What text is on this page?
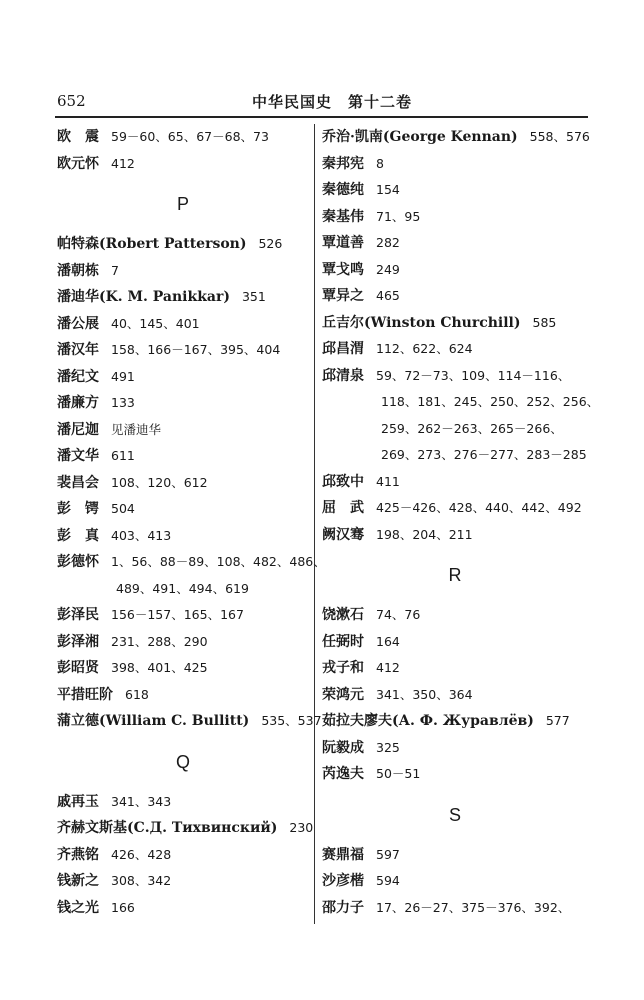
652	中华民国史　第十二卷
欧　震 59－60、65、67－68、73
欧元怀 412
P
帕特森(Robert Patterson) 526
潘朝栋 7
潘迪华(K. M. Panikkar) 351
潘公展 40、145、401
潘汉年 158、166－167、395、404
潘纪文 491
潘廉方 133
潘尼迦 见潘迪华
潘文华 611
裴昌会 108、120、612
彭　锷 504
彭　真 403、413
彭德怀 1、56、88－89、108、482、486、
489、491、494、619
彭泽民 156－157、165、167
彭泽湘 231、288、290
彭昭贤 398、401、425
平措旺阶 618
蒲立德(William C. Bullitt) 535、537
Q
戚再玉 341、343
齐赫文斯基(С.Д. Тихвинский) 230
齐燕铭 426、428
钱新之 308、342
钱之光 166
乔治·凯南(George Kennan) 558、576
秦邦宪 8
秦德纯 154
秦基伟 71、95
覃道善 282
覃戈鸣 249
覃异之 465
丘吉尔(Winston Churchill) 585
邱昌渭 112、622、624
邱清泉 59、72－73、109、114－116、
118、181、245、250、252、256、
259、262－263、265－266、
269、273、276－277、283－285
邱致中 411
屈　武 425－426、428、440、442、492
阙汉骞 198、204、211
R
饶漱石 74、76
任弼时 164
戎子和 412
荣鸿元 341、350、364
茹拉夫廖夫(А. Ф. Журавлёв) 577
阮毅成 325
芮逸夫 50－51
S
赛鼎福 597
沙彦楷 594
邵力子 17、26－27、375－376、392、
